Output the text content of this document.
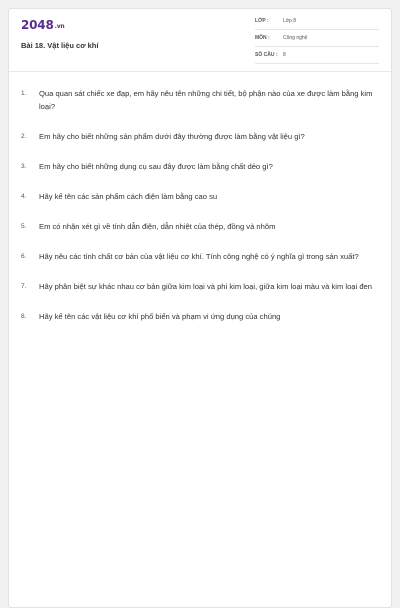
2048.vn
Bài 18. Vật liệu cơ khí
LỚP :	Lớp 8
MÔN :	Công nghệ
SỐ CÂU : 8
1. Qua quan sát chiếc xe đạp, em hãy nêu tên những chi tiết, bộ phận nào của xe được làm bằng kim loại?
2. Em hãy cho biết những sản phẩm dưới đây thường được làm bằng vật liệu gì?
3. Em hãy cho biết những dụng cụ sau đây được làm bằng chất dẻo gì?
4. Hãy kể tên các sản phẩm cách điện làm bằng cao su
5. Em có nhận xét gì về tính dẫn điện, dẫn nhiệt của thép, đồng và nhôm
6. Hãy nêu các tính chất cơ bản của vật liệu cơ khí. Tính công nghệ có ý nghĩa gì trong sản xuất?
7. Hãy phân biệt sự khác nhau cơ bản giữa kim loại và phi kim loại, giữa kim loại màu và kim loại đen
8. Hãy kể tên các vật liệu cơ khí phổ biến và phạm vi ứng dụng của chúng
